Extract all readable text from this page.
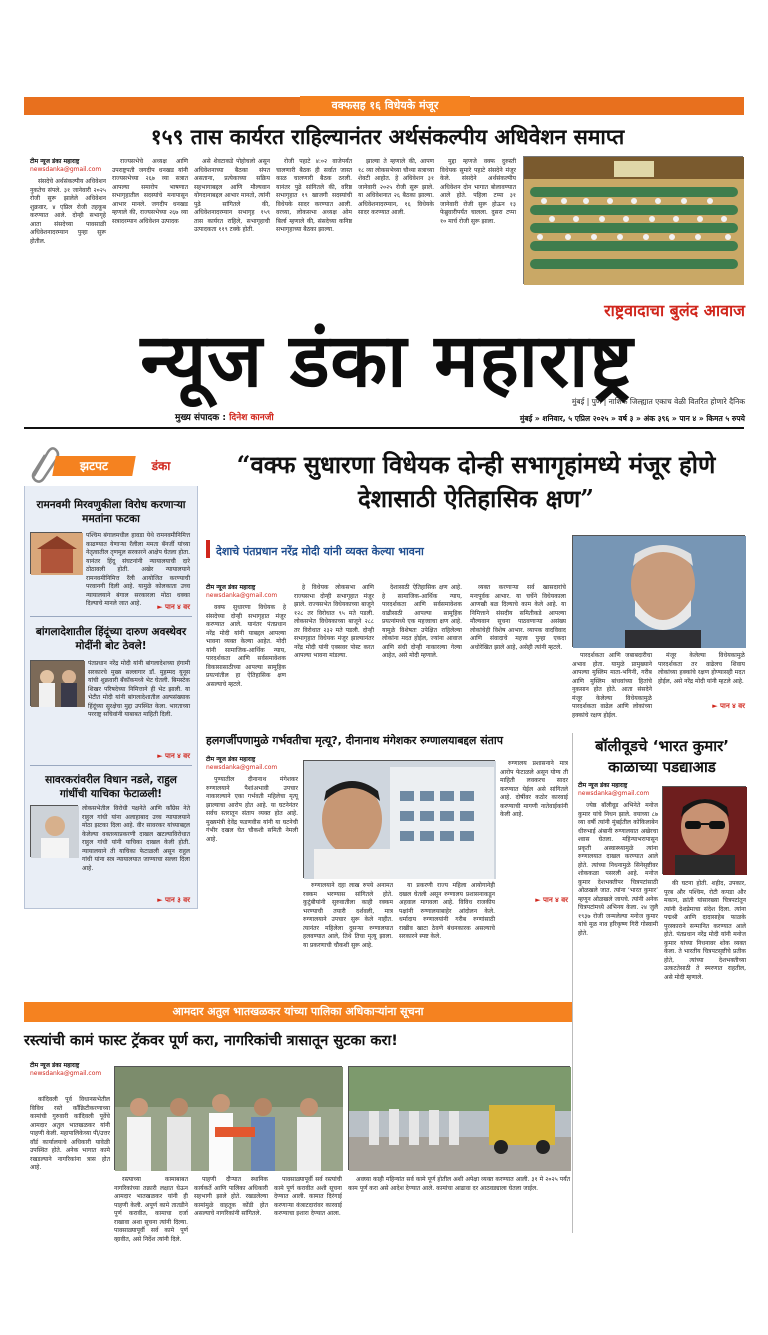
वक्फसह १६ विधेयके मंजूर
१५९ तास कार्यरत राहिल्यानंतर अर्थसंकल्पीय अधिवेशन समाप्त
टीम न्यूज डंका महाराष्ट्र
newsdanka@gmail.com

संसदेचे अर्थसंकल्पीय अधिवेशन नुकतेच संपले. ३१ जानेवारी २०२५ रोजी सुरू झालेले अधिवेशन शुक्रवार, ४ एप्रिल रोजी तहकूब करण्यात आले. दोन्ही सभागृहे आता संसदेच्या पावसाळी अधिवेशनादरम्यान पुन्हा सुरू होतील.

राज्यसभेचे अध्यक्ष आणि उपराष्ट्रपती जगदीप धनखड यांनी राज्यसभेच्या २६७ व्या सत्रात आपल्या समारोप भाषणात सभागृहातील सदस्यांचे मनापासून आभार मानले. जगदीप धनखड म्हणाले की, राज्यसभेच्या २६७ व्या सत्रादरम्यान अधिवेशन उत्पादक

असे शेवटाकडे पोहोचलो असून अधिवेशनाच्या बैठका संपत असताना, प्रत्येकाच्या सक्रिय सहभागाबद्दल आणि मौल्यवान योगदानाबद्दल आभार मानतो, त्यांनी पुढे सांगितले की, अधिवेशनादरम्यान सभागृह १५९ तास कार्यरत राहिले, सभागृहाची उत्पादकता ११९ टक्के होती.

रोजी पहाटे ४:०२ वाजेपर्यंत चालणारी बैठक ही सर्वात जास्त काळ चालणारी बैठक ठरली. यानंतर पुढे सांगितले की, वरिष्ठ सभागृहात १९ खाजगी सदस्यांची विधेयके सादर करण्यात आली. वरच्या, लोकसभा अध्यक्ष ओम बिर्ला म्हणाले की, संसदेच्या कनिष्ठ सभागृहाच्या बैठका झाल्या.

झाल्या ते म्हणाले की, आपण १८ व्या लोकसभेच्या चौथ्या सत्राच्या शेवटी आहोत. हे अधिवेशन ३१ जानेवारी २०२५ रोजी सुरू झाले. या अधिवेशनात २६ बैठका झाल्या. अधिवेशनादरम्यान, १६ विधेयके सादर करण्यात आली.

मुद्दा म्हणजे वक्फ दुरुस्ती विधेयक सुमारे पहाटे संसदेने मंजूर केले. संसदेने अर्थसंकल्पीय अधिवेशन दोन भागात बोलावण्यात आले होते. पहिला टप्पा ३१ जानेवारी रोजी सुरू होऊन १३ फेब्रुवारीपर्यंत चालला. दुसरा टप्पा १० मार्च रोजी सुरू झाला.

राष्ट्रवादाचा बुलंद आवाज
न्यूज डंका महाराष्ट्र
मुंबई | पुणे | नाशिक जिल्ह्यात एकाच वेळी वितरित होणारे दैनिक
मुख्य संपादक : दिनेश कानजी	मुंबई » शनिवार, ५ एप्रिल २०२५ » वर्ष ३ » अंक ३९६ » पान ४ » किमत ५ रुपये
झटपट	डंका
रामनवमी मिरवणुकीला विरोध करणाऱ्या ममतांना फटका

पश्चिम बंगालमधील हावडा येथे रामनवमीनिमित्त काढण्यात येणाऱ्या रॅलीला ममता बॅनर्जी यांच्या नेतृत्वातील तृणमूल सरकारने आक्षेप घेतला होता. यानंतर हिंदू संघटनांनी न्यायालयाची दारे ठोठावली होती. अखेर न्यायालयाने रामनवमीनिमित्त रॅली आयोजित करण्याची परवानगी दिली आहे. यामुळे कोलकाता उच्च न्यायालयाने बंगाल सरकारला मोठा धक्का दिल्याचे मानले जात आहे.	► पान ४ वर
बांगलादेशातील हिंदूंच्या दारुण अवस्थेवर मोदींनी बोट ठेवले!

पंतप्रधान नरेंद्र मोदी यांनी बांगलादेशच्या हंगामी सरकारचे मुख्य सल्लागार डॉ. मुहम्मद युनूस यांची शुक्रवारी बँकॉकमध्ये भेट घेतली. बिमस्टेक शिखर परिषदेच्या निमित्ताने ही भेट झाली. या भेटीत मोदी यांनी बांगलादेशातील अल्पसंख्याक हिंदूंच्या सुरक्षेचा मुद्दा उपस्थित केला. भारताच्या परराष्ट्र सचिवांनी याबाबत माहिती दिली.

► पान ४ वर
सावरकरांवरील विधान नडले, राहुल गांधींची याचिका फेटाळली!

लोकसभेतील विरोधी पक्षनेते आणि काँग्रेस नेते राहुल गांधी यांना अलाहाबाद उच्च न्यायालयाने मोठा झटका दिला आहे. वीर सावरकर यांच्याबद्दल केलेल्या वक्तव्याप्रकरणी दाखल खटल्याविरोधात राहुल गांधी यांनी याचिका दाखल केली होती. न्यायालयाने ती याचिका फेटाळली असून राहुल गांधी यांना सत्र न्यायालयात जाण्याचा सल्ला दिला आहे.

► पान ३ वर
“वक्फ सुधारणा विधेयक दोन्ही सभागृहांमध्ये मंजूर होणे देशासाठी ऐतिहासिक क्षण”
देशाचे पंतप्रधान नरेंद्र मोदी यांनी व्यक्त केल्या भावना
टीम न्यूज डंका महाराष्ट्र
newsdanka@gmail.com

वक्फ सुधारणा विधेयक हे संसदेच्या दोन्ही सभागृहात मंजूर करण्यात आले. यानंतर पंतप्रधान नरेंद्र मोदी यांनी याबद्दल आपल्या भावना व्यक्त केल्या आहेत. मोदी यांनी सामाजिक-आर्थिक न्याय, पारदर्शकता आणि सर्वसमावेशक विकासासाठीच्या आपल्या सामूहिक प्रयत्नांतील हा ऐतिहासिक क्षण असल्याचे म्हटले.

हे विधेयक लोकसभा आणि राज्यसभा दोन्ही सभागृहात मंजूर झाले. राज्यसभेत विधेयकाच्या बाजूने १२८ तर विरोधात ९५ मते पडली. लोकसभेत विधेयकाच्या बाजूने २८८ तर विरोधात २३२ मते पडली. दोन्ही सभागृहात विधेयक मंजूर झाल्यानंतर नरेंद्र मोदी यांनी एक्सवर पोस्ट करत आपल्या भावना मांडल्या.

देशासाठी ऐतिहासिक क्षण आहे. हे सामाजिक-आर्थिक न्याय, पारदर्शकता आणि सर्वसमावेशक वाढीसाठी आपल्या सामूहिक प्रयत्नांमध्ये एक महत्त्वाचा क्षण आहे. यामुळे विशेषतः उपेक्षित राहिलेल्या लोकांना मदत होईल, ज्यांना आवाज आणि संधी दोन्ही नाकारल्या गेल्या आहेत, असे मोदी म्हणाले.

व्यक्त करणाऱ्या सर्व खासदारांचे मनःपूर्वक आभार. या चर्चेने विधेयकाला आणखी बळ दिल्याचे काम केले आहे. या निमित्ताने संसदीय समितीकडे आपल्या मौल्यवान सूचना पाठवणाऱ्या असंख्य लोकांचेही विशेष आभार. व्यापक वादविवाद आणि संवादाचे महत्त्व पुन्हा एकदा अधोरेखित झाले आहे, असेही त्यांनी म्हटले.

पारदर्शकता आणि जबाबदारीचा अभाव होता. यामुळे प्रामुख्याने आपल्या मुस्लिम माता-भगिनी, गरीब आणि मुस्लिम बांधवांच्या हितांचे नुकसान होत होते. आता संसदेने मंजूर केलेल्या विधेयकामुळे पारदर्शकता वाढेल आणि लोकांच्या हक्कांचे रक्षण होईल.

मंजूर केलेल्या विधेयकामुळे पारदर्शकता तर वाढेलच शिवाय लोकांच्या हक्कांचे रक्षण होण्यासही मदत होईल, असे नरेंद्र मोदी यांनी म्हटले आहे.

► पान ४ वर
हलगर्जीपणामुळे गर्भवतीचा मृत्यू?, दीनानाथ मंगेशकर रुग्णालयाबद्दल संताप
टीम न्यूज डंका महाराष्ट्र
newsdanka@gmail.com

पुण्यातील दीनानाथ मंगेशकर रुग्णालयाने पैशांअभावी उपचार नाकारल्याने एका गर्भवती महिलेचा मृत्यू झाल्याचा आरोप होत आहे. या घटनेनंतर सर्वच स्तरातून संताप व्यक्त होत आहे. मुख्यमंत्री देवेंद्र फडणवीस यांनी या घटनेची गंभीर दखल घेत चौकशी समिती नेमली आहे.

रुग्णालयाने दहा लाख रुपये अनामत रक्कम भरण्यास सांगितले होते. कुटुंबीयांनी सुरुवातीला काही रक्कम भरण्याची तयारी दर्शवली, मात्र रुग्णालयाने उपचार सुरू केले नाहीत. त्यानंतर महिलेला दुसऱ्या रुग्णालयात हलवण्यात आले, तिथे तिचा मृत्यू झाला. या प्रकरणाची चौकशी सुरू आहे.

या प्रकरणी राज्य महिला आयोगानेही दखल घेतली असून रुग्णालय प्रशासनाकडून अहवाल मागवला आहे. विविध राजकीय पक्षांनी रुग्णालयाबाहेर आंदोलन केले. धर्मादाय रुग्णालयांनी गरीब रुग्णांसाठी राखीव खाटा ठेवणे बंधनकारक असल्याचे सरकारने स्पष्ट केले.

रुग्णालय प्रशासनाने मात्र आरोप फेटाळले असून योग्य ती माहिती लवकरच सादर करण्यात येईल असे सांगितले आहे. दोषींवर कठोर कारवाई करण्याची मागणी नातेवाईकांनी केली आहे.

► पान ४ वर
बॉलीवूडचे ‘भारत कुमार’ काळाच्या पडद्याआड
टीम न्यूज डंका महाराष्ट्र
newsdanka@gmail.com

ज्येष्ठ बॉलीवूड अभिनेते मनोज कुमार यांचे निधन झाले. वयाच्या ८७ व्या वर्षी त्यांनी मुंबईतील कोकिलाबेन धीरुभाई अंबानी रुग्णालयात अखेरचा श्वास घेतला. महिन्याभरापासून प्रकृती अस्वास्थ्यामुळे त्यांना रुग्णालयात दाखल करण्यात आले होते. त्यांच्या निधनामुळे सिनेसृष्टीवर शोककळा पसरली आहे. मनोज कुमार देशभक्तीपर चित्रपटांसाठी ओळखले जात. त्यांना ‘भारत कुमार’ म्हणून ओळखले जायचे. त्यांनी अनेक चित्रपटांमध्ये अभिनय केला. २४ जुलै १९३७ रोजी जन्मलेल्या मनोज कुमार यांचे मूळ नाव हरिकृष्ण गिरी गोस्वामी होते.

की घटना होती. शहीद, उपकार, पूरब और पश्चिम, रोटी कपडा और मकान, क्रांती यांसारख्या चित्रपटांतून त्यांनी देशप्रेमाचा संदेश दिला. त्यांना पद्मश्री आणि दादासाहेब फाळके पुरस्काराने सन्मानित करण्यात आले होते. पंतप्रधान नरेंद्र मोदी यांनी मनोज कुमार यांच्या निधनावर शोक व्यक्त केला. ते भारतीय चित्रपटसृष्टीचे प्रतीक होते, त्यांच्या देशभक्तीच्या उत्कटतेसाठी ते स्मरणात राहतील, असे मोदी म्हणाले.

आमदार अतुल भातखळकर यांच्या पालिका अधिकाऱ्यांना सूचना
रस्त्यांची कामं फास्ट ट्रॅकवर पूर्ण करा, नागरिकांची त्रासातून सुटका करा!
टीम न्यूज डंका महाराष्ट्र
newsdanka@gmail.com

कांदिवली पूर्व विधानसभेतील विविध रस्ते काँक्रिटीकरणाच्या कामांची गुरुवारी कांदिवली पूर्वेचे आमदार अतुल भातखळकर यांनी पाहणी केली. महापालिकेच्या पी/उत्तर वॉर्ड कार्यालयाचे अधिकारी यावेळी उपस्थित होते. अनेक भागात कामे रखडल्याने नागरिकांना त्रास होत आहे.

रस्त्याच्या कामाबाबत नागरिकांच्या तक्रारी लक्षात घेऊन आमदार भातखळकर यांनी ही पाहणी केली. अपूर्ण कामे तातडीने पूर्ण करावीत, कामाचा दर्जा राखावा अशा सूचना त्यांनी दिल्या. पावसाळ्यापूर्वी सर्व कामे पूर्ण व्हावीत, असे निर्देश त्यांनी दिले.

पाहणी दौऱ्यात स्थानिक कार्यकर्ते आणि पालिका अधिकारी सहभागी झाले होते. रखडलेल्या कामांमुळे वाहतूक कोंडी होत असल्याचे नागरिकांनी सांगितले.

पावसाळ्यापूर्वी सर्व रस्त्यांची कामे पूर्ण करावीत अशी सूचना देण्यात आली. कामात दिरंगाई करणाऱ्या कंत्राटदारांवर कारवाई करण्याचा इशारा देण्यात आला.

अवघ्या काही महिन्यांत सर्व कामे पूर्ण होतील अशी अपेक्षा व्यक्त करण्यात आली. ३१ मे २०२५ पर्यंत काम पूर्ण करा असे आदेश देण्यात आले. कामांचा आढावा दर आठवड्याला घेतला जाईल.
